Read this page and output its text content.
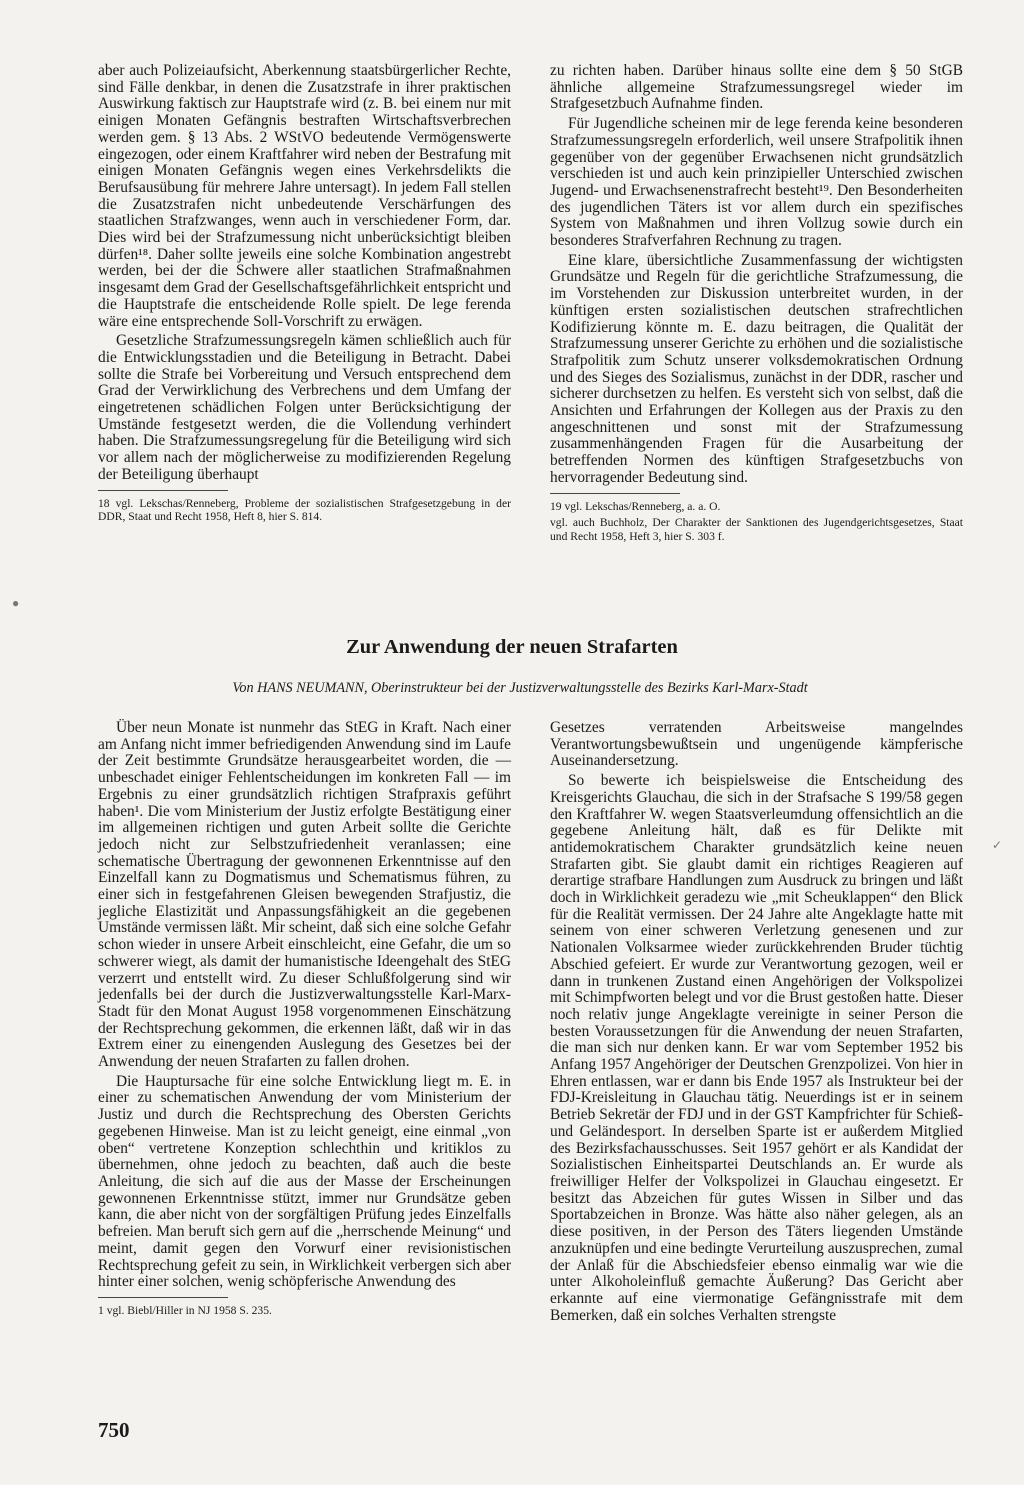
aber auch Polizeiaufsicht, Aberkennung staatsbürgerlicher Rechte, sind Fälle denkbar, in denen die Zusatzstrafe in ihrer praktischen Auswirkung faktisch zur Hauptstrafe wird (z. B. bei einem nur mit einigen Monaten Gefängnis bestraften Wirtschaftsverbrechen werden gem. § 13 Abs. 2 WStVO bedeutende Vermögenswerte eingezogen, oder einem Kraftfahrer wird neben der Bestrafung mit einigen Monaten Gefängnis wegen eines Verkehrsdelikts die Berufsausübung für mehrere Jahre untersagt). In jedem Fall stellen die Zusatzstrafen nicht unbedeutende Verschärfungen des staatlichen Strafzwanges, wenn auch in verschiedener Form, dar. Dies wird bei der Strafzumessung nicht unberücksichtigt bleiben dürfen¹⁸. Daher sollte jeweils eine solche Kombination angestrebt werden, bei der die Schwere aller staatlichen Strafmaßnahmen insgesamt dem Grad der Gesellschaftsgefährlichkeit entspricht und die Hauptstrafe die entscheidende Rolle spielt. De lege ferenda wäre eine entsprechende Soll-Vorschrift zu erwägen.

Gesetzliche Strafzumessungsregeln kämen schließlich auch für die Entwicklungsstadien und die Beteiligung in Betracht. Dabei sollte die Strafe bei Vorbereitung und Versuch entsprechend dem Grad der Verwirklichung des Verbrechens und dem Umfang der eingetretenen schädlichen Folgen unter Berücksichtigung der Umstände festgesetzt werden, die die Vollendung verhindert haben. Die Strafzumessungsregelung für die Beteiligung wird sich vor allem nach der möglicherweise zu modifizierenden Regelung der Beteiligung überhaupt

18 vgl. Lekschas/Renneberg, Probleme der sozialistischen Strafgesetzgebung in der DDR, Staat und Recht 1958, Heft 8, hier S. 814.

zu richten haben. Darüber hinaus sollte eine dem § 50 StGB ähnliche allgemeine Strafzumessungsregel wieder im Strafgesetzbuch Aufnahme finden.

Für Jugendliche scheinen mir de lege ferenda keine besonderen Strafzumessungsregeln erforderlich, weil unsere Strafpolitik ihnen gegenüber von der gegenüber Erwachsenen nicht grundsätzlich verschieden ist und auch kein prinzipieller Unterschied zwischen Jugend- und Erwachsenenstrafrecht besteht¹⁹. Den Besonderheiten des jugendlichen Täters ist vor allem durch ein spezifisches System von Maßnahmen und ihren Vollzug sowie durch ein besonderes Strafverfahren Rechnung zu tragen.

Eine klare, übersichtliche Zusammenfassung der wichtigsten Grundsätze und Regeln für die gerichtliche Strafzumessung, die im Vorstehenden zur Diskussion unterbreitet wurden, in der künftigen ersten sozialistischen deutschen strafrechtlichen Kodifizierung könnte m. E. dazu beitragen, die Qualität der Strafzumessung unserer Gerichte zu erhöhen und die sozialistische Strafpolitik zum Schutz unserer volksdemokratischen Ordnung und des Sieges des Sozialismus, zunächst in der DDR, rascher und sicherer durchsetzen zu helfen. Es versteht sich von selbst, daß die Ansichten und Erfahrungen der Kollegen aus der Praxis zu den angeschnittenen und sonst mit der Strafzumessung zusammenhängenden Fragen für die Ausarbeitung der betreffenden Normen des künftigen Strafgesetzbuchs von hervorragender Bedeutung sind.

19 vgl. Lekschas/Renneberg, a. a. O.

vgl. auch Buchholz, Der Charakter der Sanktionen des Jugendgerichtsgesetzes, Staat und Recht 1958, Heft 3, hier S. 303 f.

Zur Anwendung der neuen Strafarten
Von HANS NEUMANN, Oberinstrukteur bei der Justizverwaltungsstelle des Bezirks Karl-Marx-Stadt

Über neun Monate ist nunmehr das StEG in Kraft. Nach einer am Anfang nicht immer befriedigenden Anwendung sind im Laufe der Zeit bestimmte Grundsätze herausgearbeitet worden, die — unbeschadet einiger Fehlentscheidungen im konkreten Fall — im Ergebnis zu einer grundsätzlich richtigen Strafpraxis geführt haben¹. Die vom Ministerium der Justiz erfolgte Bestätigung einer im allgemeinen richtigen und guten Arbeit sollte die Gerichte jedoch nicht zur Selbstzufriedenheit veranlassen; eine schematische Übertragung der gewonnenen Erkenntnisse auf den Einzelfall kann zu Dogmatismus und Schematismus führen, zu einer sich in festgefahrenen Gleisen bewegenden Strafjustiz, die jegliche Elastizität und Anpassungsfähigkeit an die gegebenen Umstände vermissen läßt. Mir scheint, daß sich eine solche Gefahr schon wieder in unsere Arbeit einschleicht, eine Gefahr, die um so schwerer wiegt, als damit der humanistische Ideengehalt des StEG verzerrt und entstellt wird. Zu dieser Schlußfolgerung sind wir jedenfalls bei der durch die Justizverwaltungsstelle Karl-Marx-Stadt für den Monat August 1958 vorgenommenen Einschätzung der Rechtsprechung gekommen, die erkennen läßt, daß wir in das Extrem einer zu einengenden Auslegung des Gesetzes bei der Anwendung der neuen Strafarten zu fallen drohen.

Die Hauptursache für eine solche Entwicklung liegt m. E. in einer zu schematischen Anwendung der vom Ministerium der Justiz und durch die Rechtsprechung des Obersten Gerichts gegebenen Hinweise. Man ist zu leicht geneigt, eine einmal „von oben“ vertretene Konzeption schlechthin und kritiklos zu übernehmen, ohne jedoch zu beachten, daß auch die beste Anleitung, die sich auf die aus der Masse der Erscheinungen gewonnenen Erkenntnisse stützt, immer nur Grundsätze geben kann, die aber nicht von der sorgfältigen Prüfung jedes Einzelfalls befreien. Man beruft sich gern auf die „herrschende Meinung“ und meint, damit gegen den Vorwurf einer revisionistischen Rechtsprechung gefeit zu sein, in Wirklichkeit verbergen sich aber hinter einer solchen, wenig schöpferische Anwendung des

1 vgl. Biebl/Hiller in NJ 1958 S. 235.

Gesetzes verratenden Arbeitsweise mangelndes Verantwortungsbewußtsein und ungenügende kämpferische Auseinandersetzung.

So bewerte ich beispielsweise die Entscheidung des Kreisgerichts Glauchau, die sich in der Strafsache S 199/58 gegen den Kraftfahrer W. wegen Staatsverleumdung offensichtlich an die gegebene Anleitung hält, daß es für Delikte mit antidemokratischem Charakter grundsätzlich keine neuen Strafarten gibt. Sie glaubt damit ein richtiges Reagieren auf derartige strafbare Handlungen zum Ausdruck zu bringen und läßt doch in Wirklichkeit geradezu wie „mit Scheuklappen“ den Blick für die Realität vermissen. Der 24 Jahre alte Angeklagte hatte mit seinem von einer schweren Verletzung genesenen und zur Nationalen Volksarmee wieder zurückkehrenden Bruder tüchtig Abschied gefeiert. Er wurde zur Verantwortung gezogen, weil er dann in trunkenen Zustand einen Angehörigen der Volkspolizei mit Schimpfworten belegt und vor die Brust gestoßen hatte. Dieser noch relativ junge Angeklagte vereinigte in seiner Person die besten Voraussetzungen für die Anwendung der neuen Strafarten, die man sich nur denken kann. Er war vom September 1952 bis Anfang 1957 Angehöriger der Deutschen Grenzpolizei. Von hier in Ehren entlassen, war er dann bis Ende 1957 als Instrukteur bei der FDJ-Kreisleitung in Glauchau tätig. Neuerdings ist er in seinem Betrieb Sekretär der FDJ und in der GST Kampfrichter für Schieß- und Geländesport. In derselben Sparte ist er außerdem Mitglied des Bezirksfachausschusses. Seit 1957 gehört er als Kandidat der Sozialistischen Einheitspartei Deutschlands an. Er wurde als freiwilliger Helfer der Volkspolizei in Glauchau eingesetzt. Er besitzt das Abzeichen für gutes Wissen in Silber und das Sportabzeichen in Bronze. Was hätte also näher gelegen, als an diese positiven, in der Person des Täters liegenden Umstände anzuknüpfen und eine bedingte Verurteilung auszusprechen, zumal der Anlaß für die Abschiedsfeier ebenso einmalig war wie die unter Alkoholeinfluß gemachte Äußerung? Das Gericht aber erkannte auf eine viermonatige Gefängnisstrafe mit dem Bemerken, daß ein solches Verhalten strengste

750
●
✓
